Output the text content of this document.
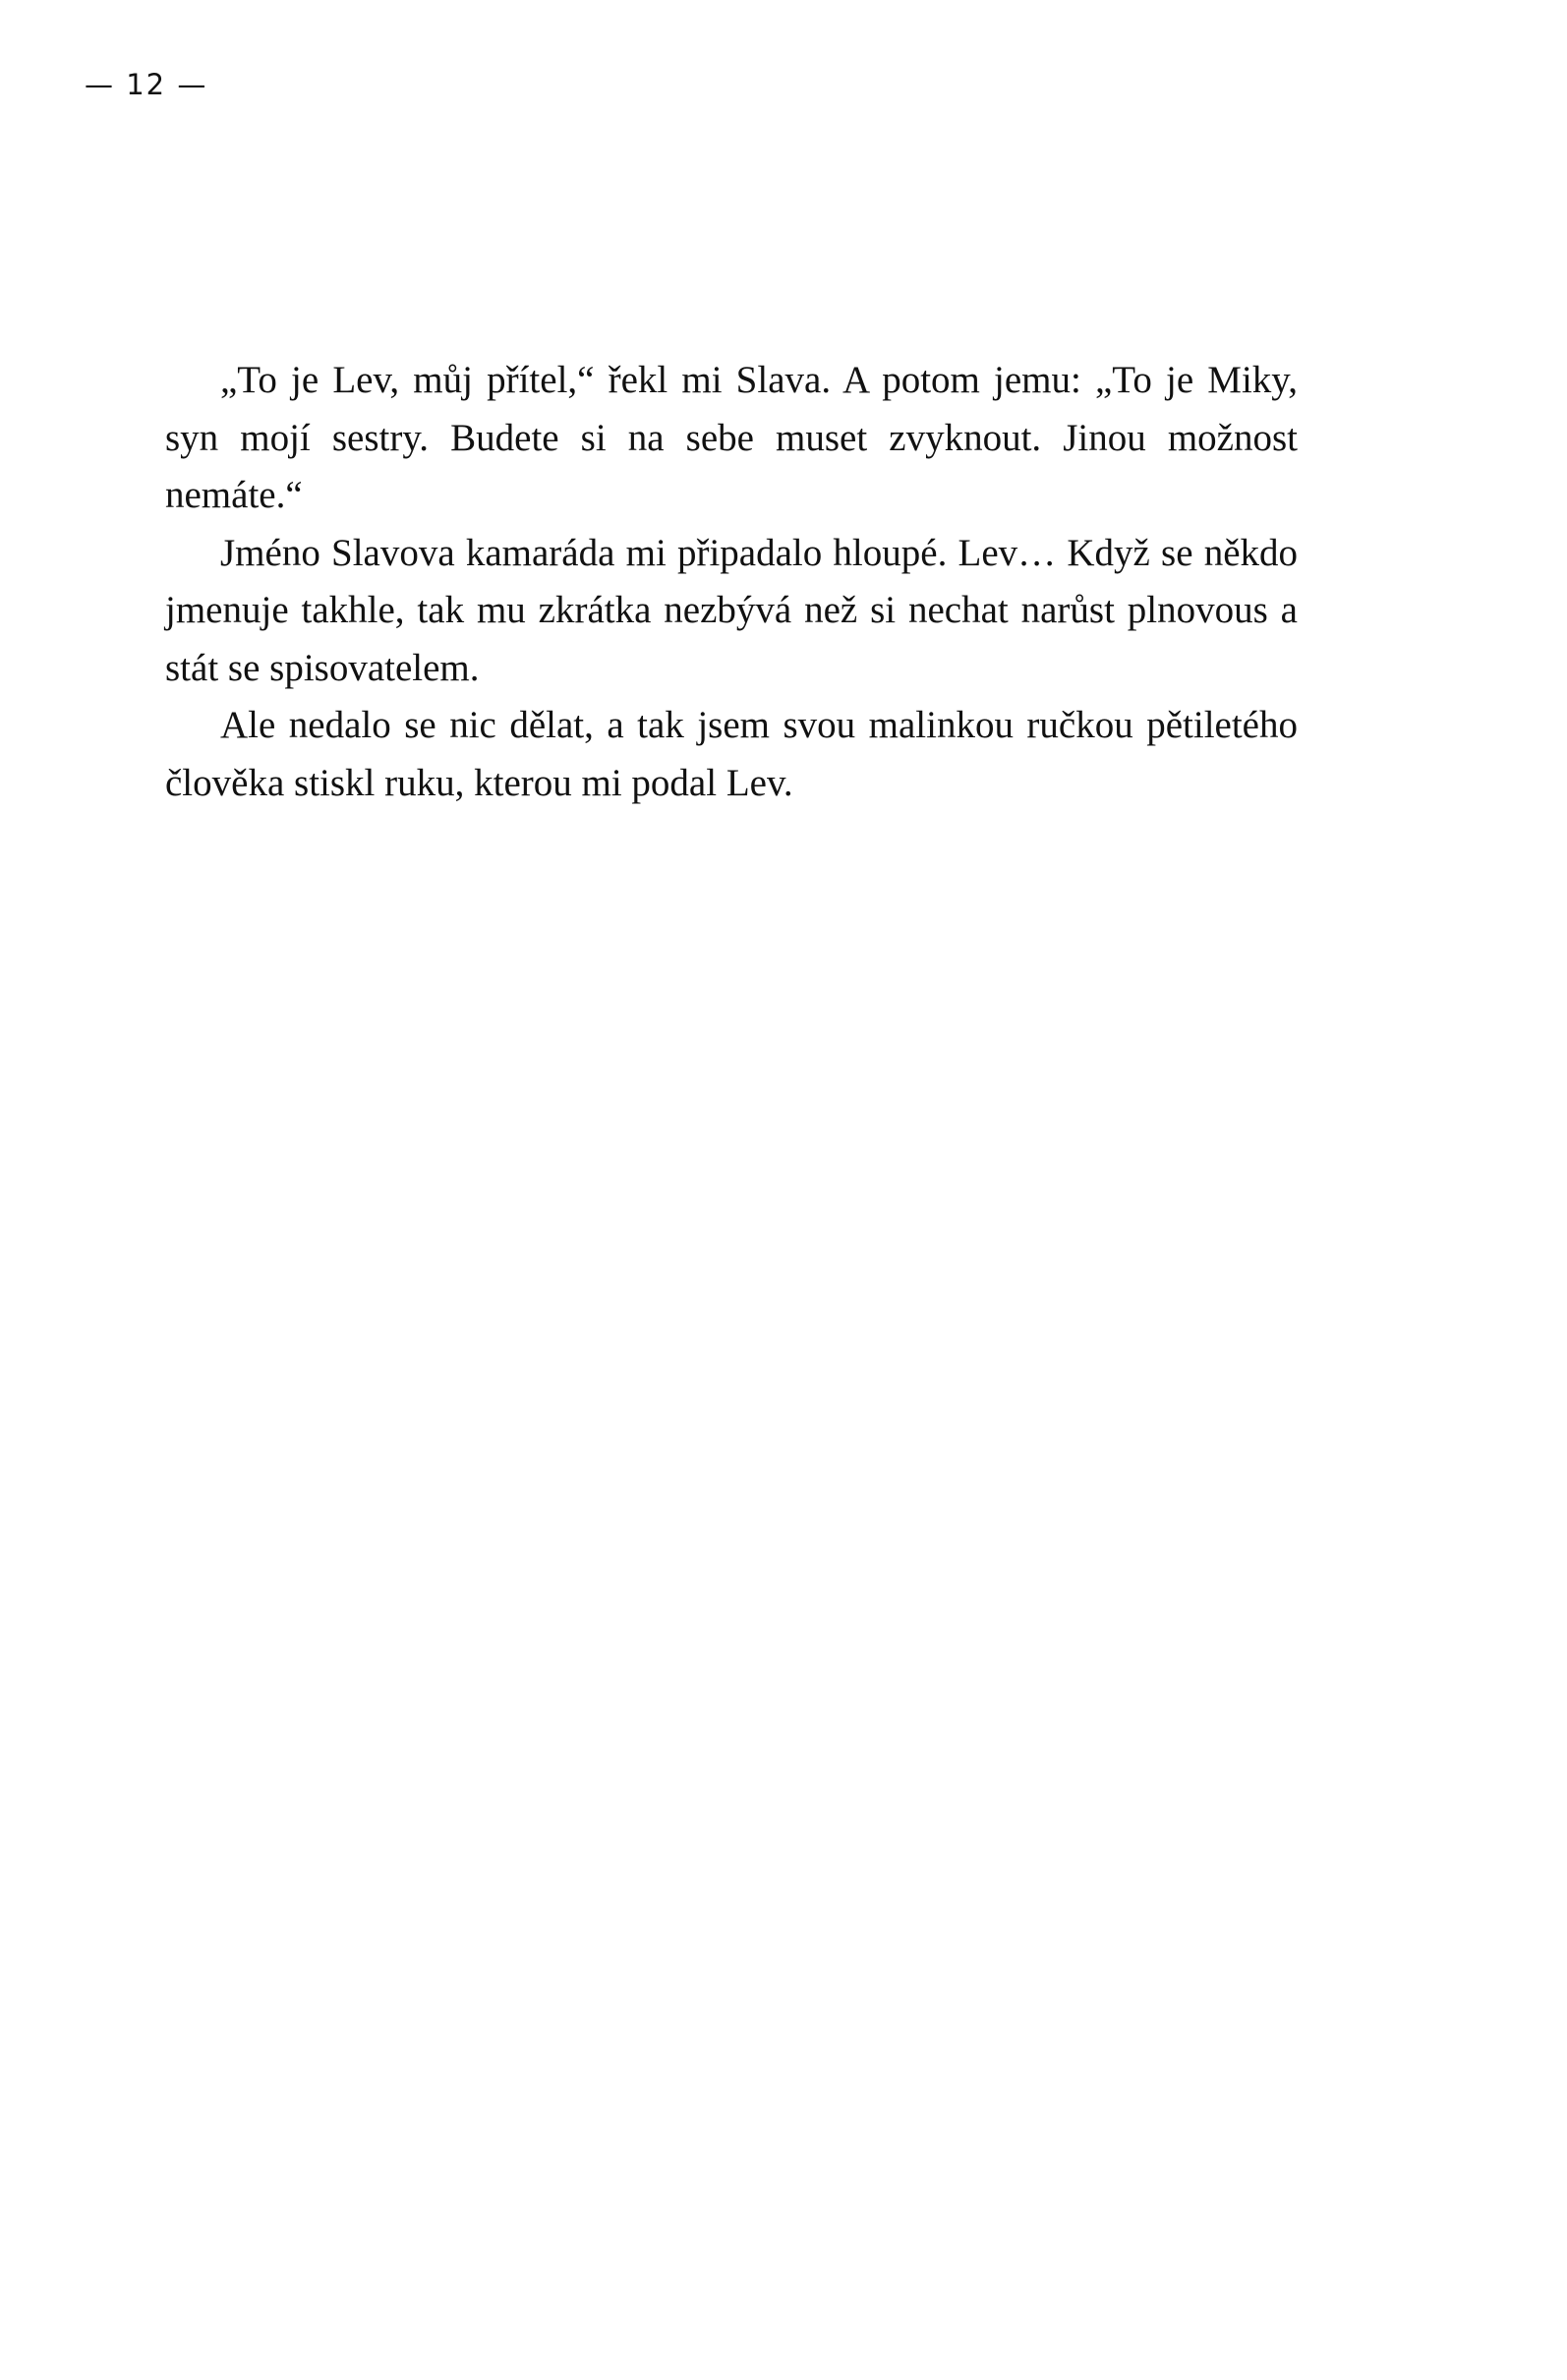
— 12 —

„To je Lev, můj přítel,“ řekl mi Slava. A potom jemu: „To je Miky, syn mojí sestry. Budete si na sebe muset zvyknout. Jinou možnost nemáte.“

Jméno Slavova kamaráda mi připadalo hloupé. Lev… Když se někdo jmenuje takhle, tak mu zkrátka nezbývá než si nechat narůst plnovous a stát se spisovatelem.

Ale nedalo se nic dělat, a tak jsem svou malinkou ručkou pětiletého člověka stiskl ruku, kterou mi podal Lev.
